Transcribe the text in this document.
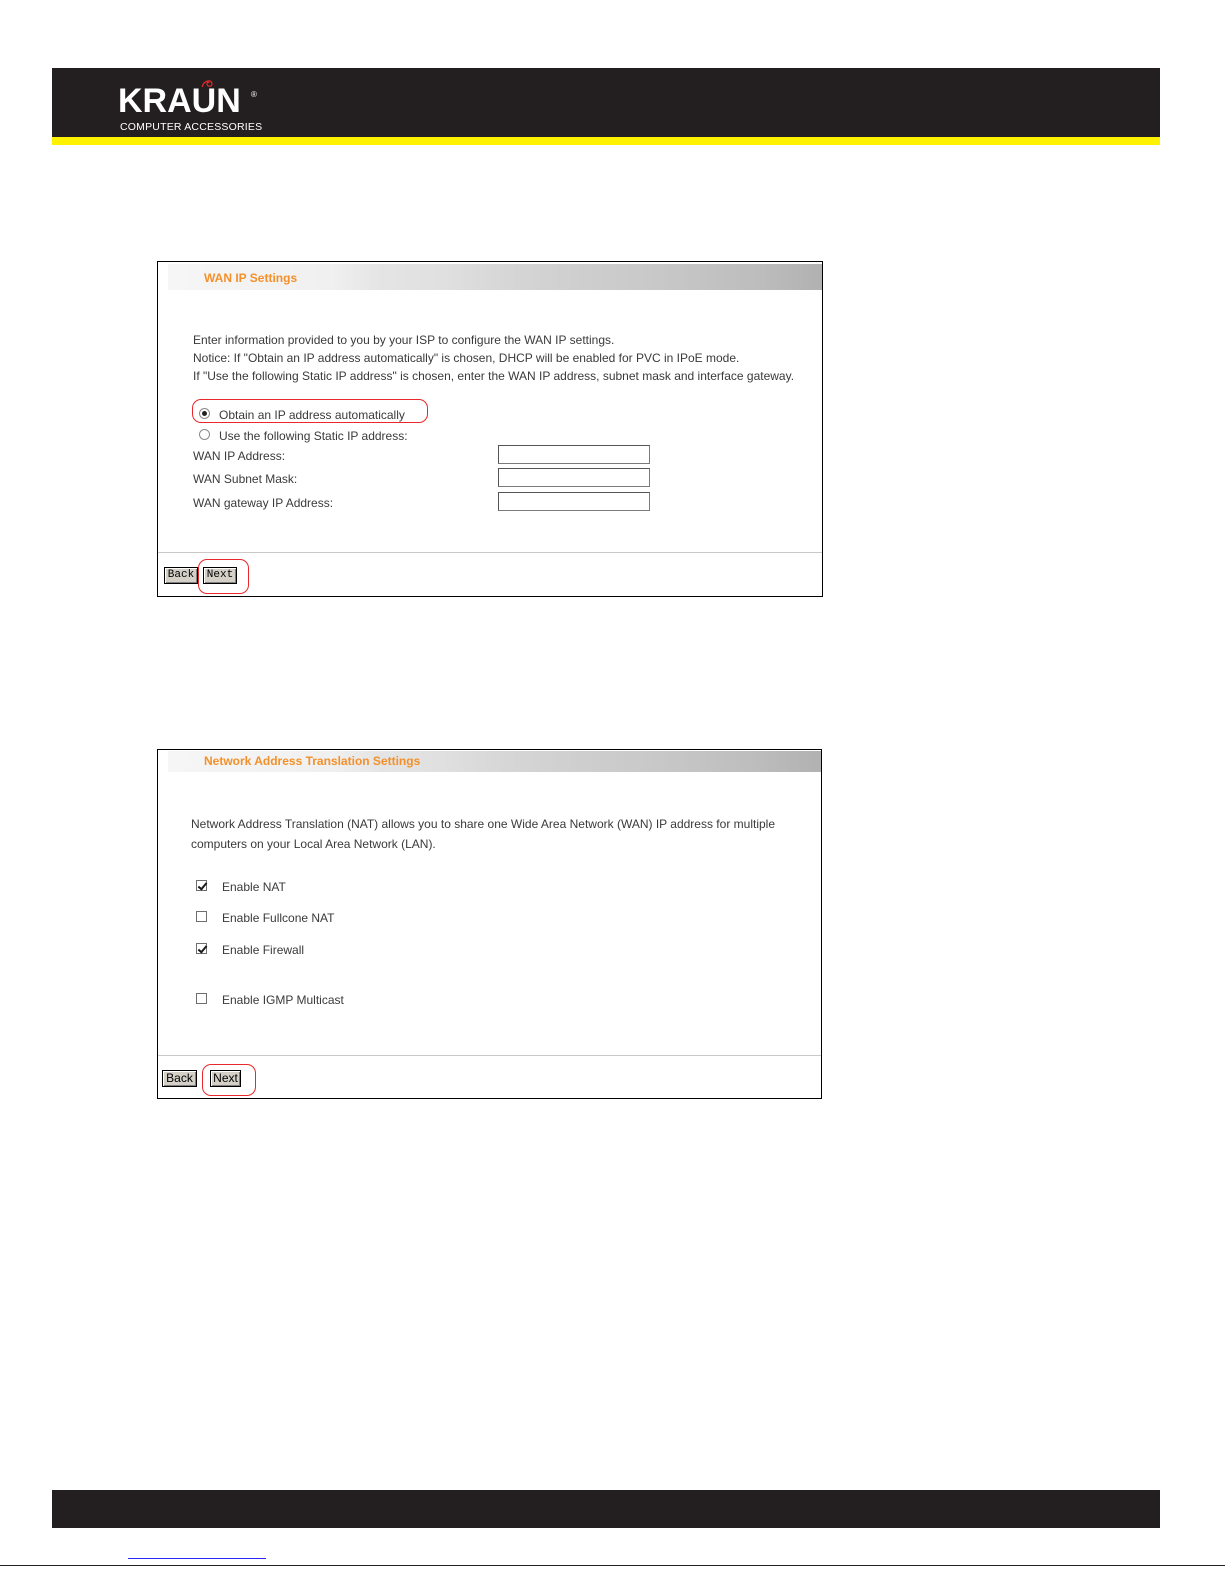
KRAUN ®
COMPUTER ACCESSORIES
WAN IP Settings
Enter information provided to you by your ISP to configure the WAN IP settings.
Notice: If "Obtain an IP address automatically" is chosen, DHCP will be enabled for PVC in IPoE mode.
If "Use the following Static IP address" is chosen, enter the WAN IP address, subnet mask and interface gateway.
Obtain an IP address automatically
Use the following Static IP address:
WAN IP Address:
WAN Subnet Mask:
WAN gateway IP Address:
Back	Next
Network Address Translation Settings
Network Address Translation (NAT) allows you to share one Wide Area Network (WAN) IP address for multiple
computers on your Local Area Network (LAN).
Enable NAT
Enable Fullcone NAT
Enable Firewall
Enable IGMP Multicast
Back	Next
